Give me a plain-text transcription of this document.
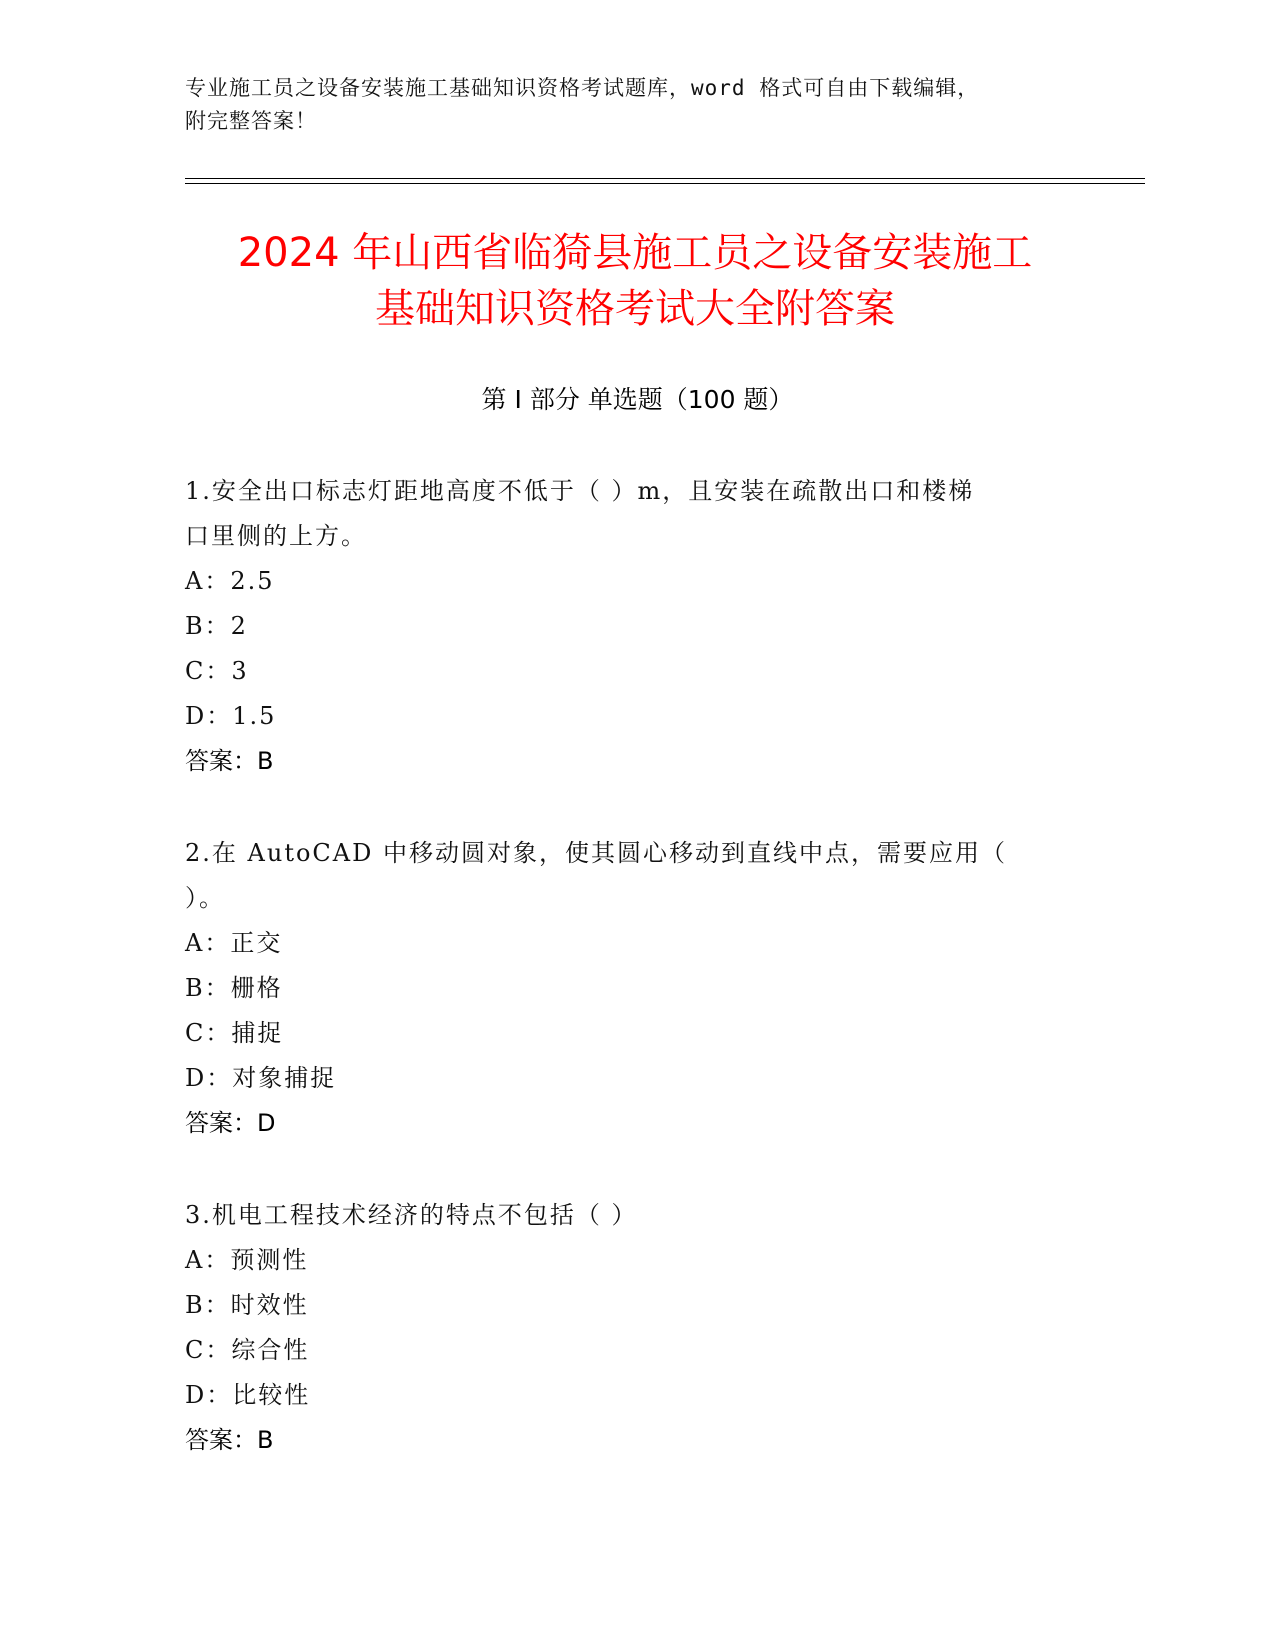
专业施工员之设备安装施工基础知识资格考试题库，word 格式可自由下载编辑，
附完整答案！
2024 年山西省临猗县施工员之设备安装施工
基础知识资格考试大全附答案
第 I 部分 单选题（100 题）
1.安全出口标志灯距地高度不低于（ ）m，且安装在疏散出口和楼梯
口里侧的上方。
A：2.5
B：2
C：3
D：1.5
答案：B
2.在 AutoCAD 中移动圆对象，使其圆心移动到直线中点，需要应用（
）。
A：正交
B：栅格
C：捕捉
D：对象捕捉
答案：D
3.机电工程技术经济的特点不包括（ ）
A：预测性
B：时效性
C：综合性
D：比较性
答案：B
